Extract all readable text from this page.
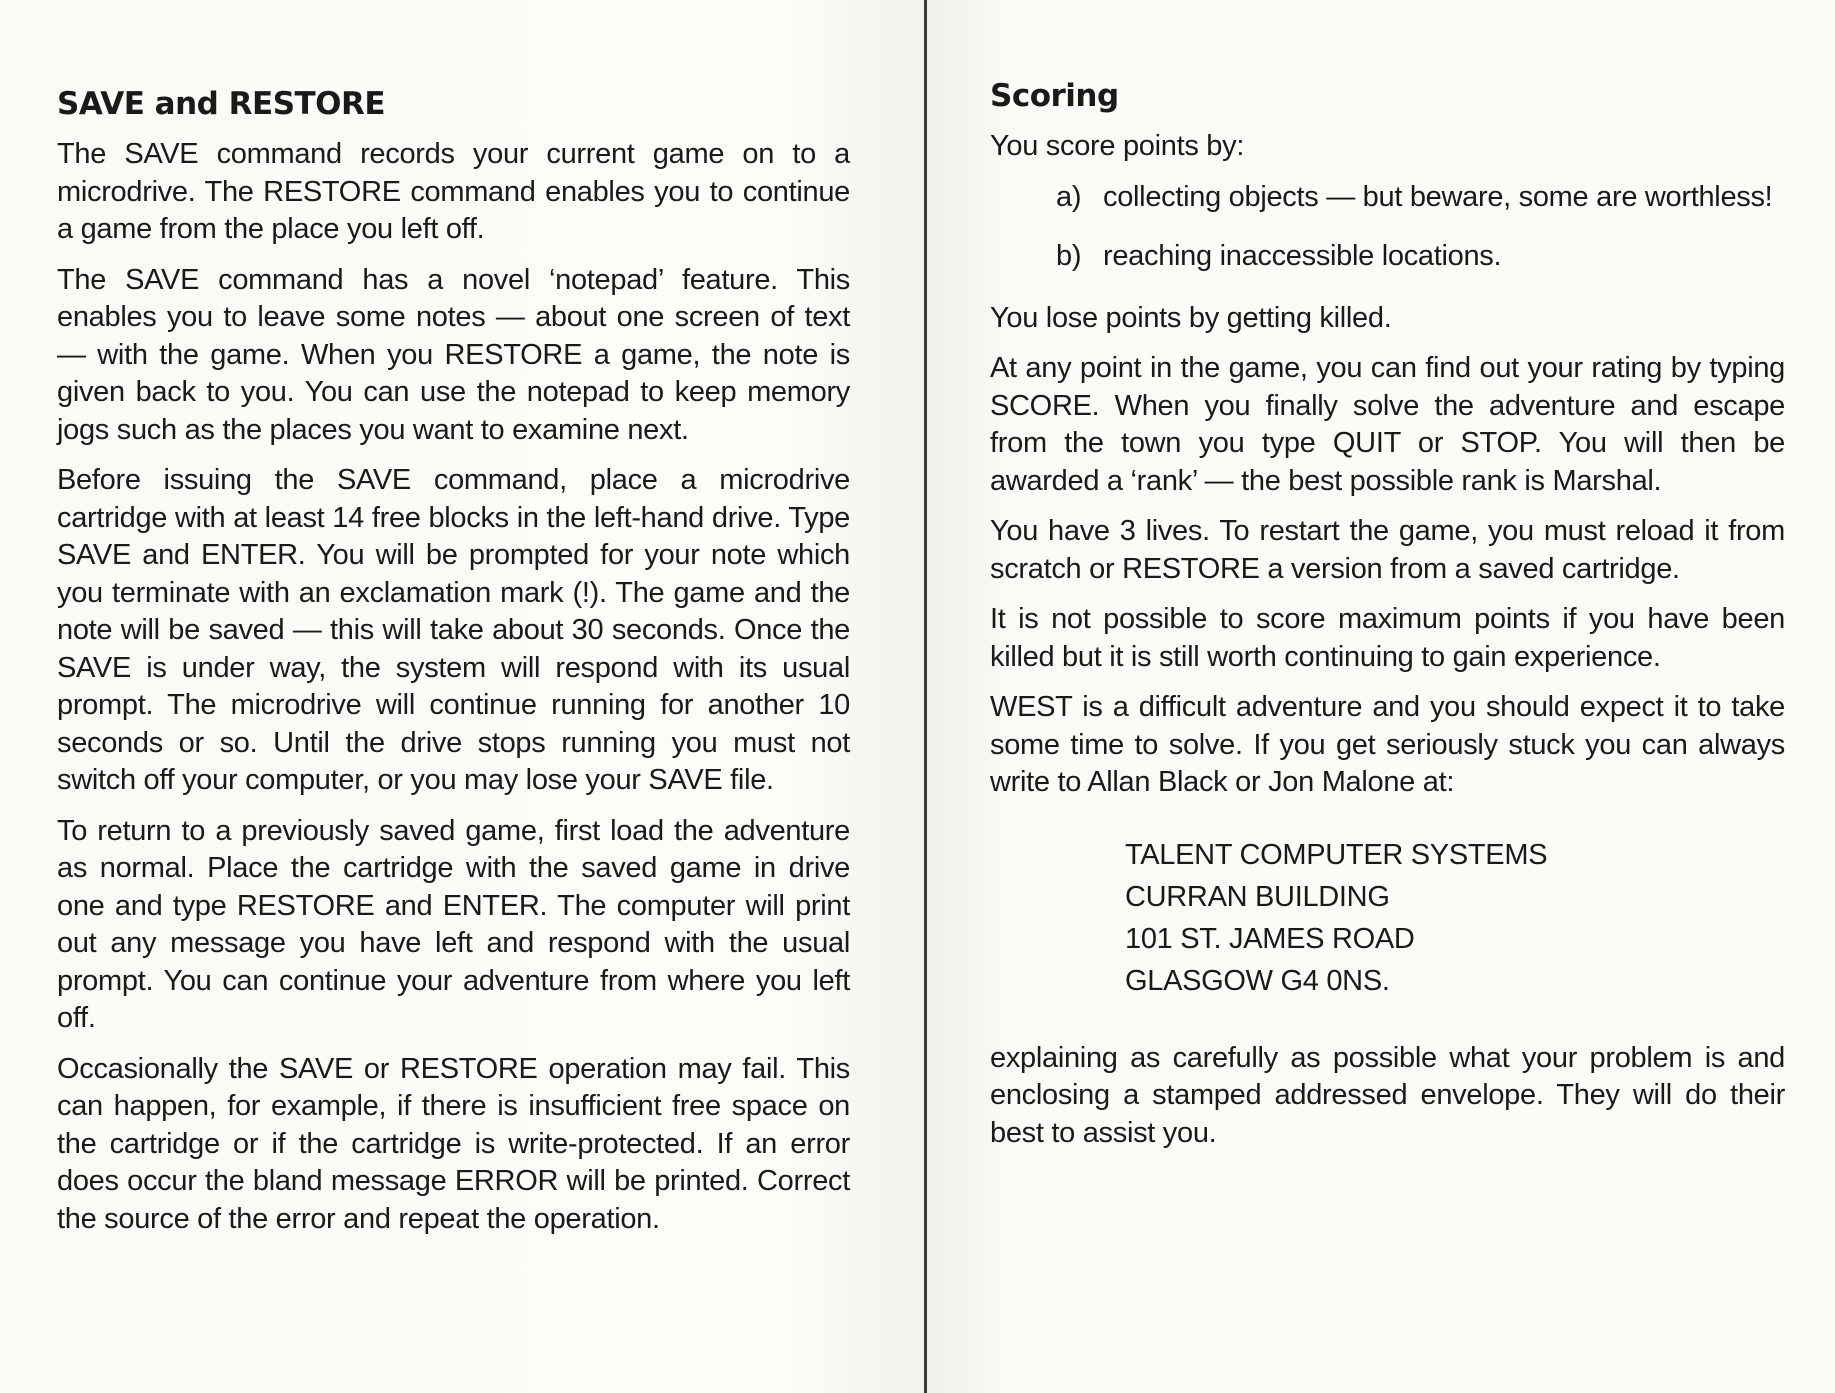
SAVE and RESTORE

The SAVE command records your current game on to a microdrive. The RESTORE command enables you to continue a game from the place you left off.

The SAVE command has a novel ‘notepad’ feature. This enables you to leave some notes — about one screen of text — with the game. When you RESTORE a game, the note is given back to you. You can use the notepad to keep memory jogs such as the places you want to examine next.

Before issuing the SAVE command, place a microdrive cartridge with at least 14 free blocks in the left-hand drive. Type SAVE and ENTER. You will be prompted for your note which you terminate with an exclamation mark (!). The game and the note will be saved — this will take about 30 seconds. Once the SAVE is under way, the system will respond with its usual prompt. The microdrive will continue running for another 10 seconds or so. Until the drive stops running you must not switch off your computer, or you may lose your SAVE file.

To return to a previously saved game, first load the adventure as normal. Place the cartridge with the saved game in drive one and type RESTORE and ENTER. The computer will print out any message you have left and respond with the usual prompt. You can continue your adventure from where you left off.

Occasionally the SAVE or RESTORE operation may fail. This can happen, for example, if there is insufficient free space on the cartridge or if the cartridge is write-protected. If an error does occur the bland message ERROR will be printed. Correct the source of the error and repeat the operation.

Scoring

You score points by:

a) collecting objects — but beware, some are worthless!
b) reaching inaccessible locations.

You lose points by getting killed.

At any point in the game, you can find out your rating by typing SCORE. When you finally solve the adventure and escape from the town you type QUIT or STOP. You will then be awarded a ‘rank’ — the best possible rank is Marshal.

You have 3 lives. To restart the game, you must reload it from scratch or RESTORE a version from a saved cartridge.

It is not possible to score maximum points if you have been killed but it is still worth continuing to gain experience.

WEST is a difficult adventure and you should expect it to take some time to solve. If you get seriously stuck you can always write to Allan Black or Jon Malone at:

TALENT COMPUTER SYSTEMS
CURRAN BUILDING
101 ST. JAMES ROAD
GLASGOW G4 0NS.

explaining as carefully as possible what your problem is and enclosing a stamped addressed envelope. They will do their best to assist you.
